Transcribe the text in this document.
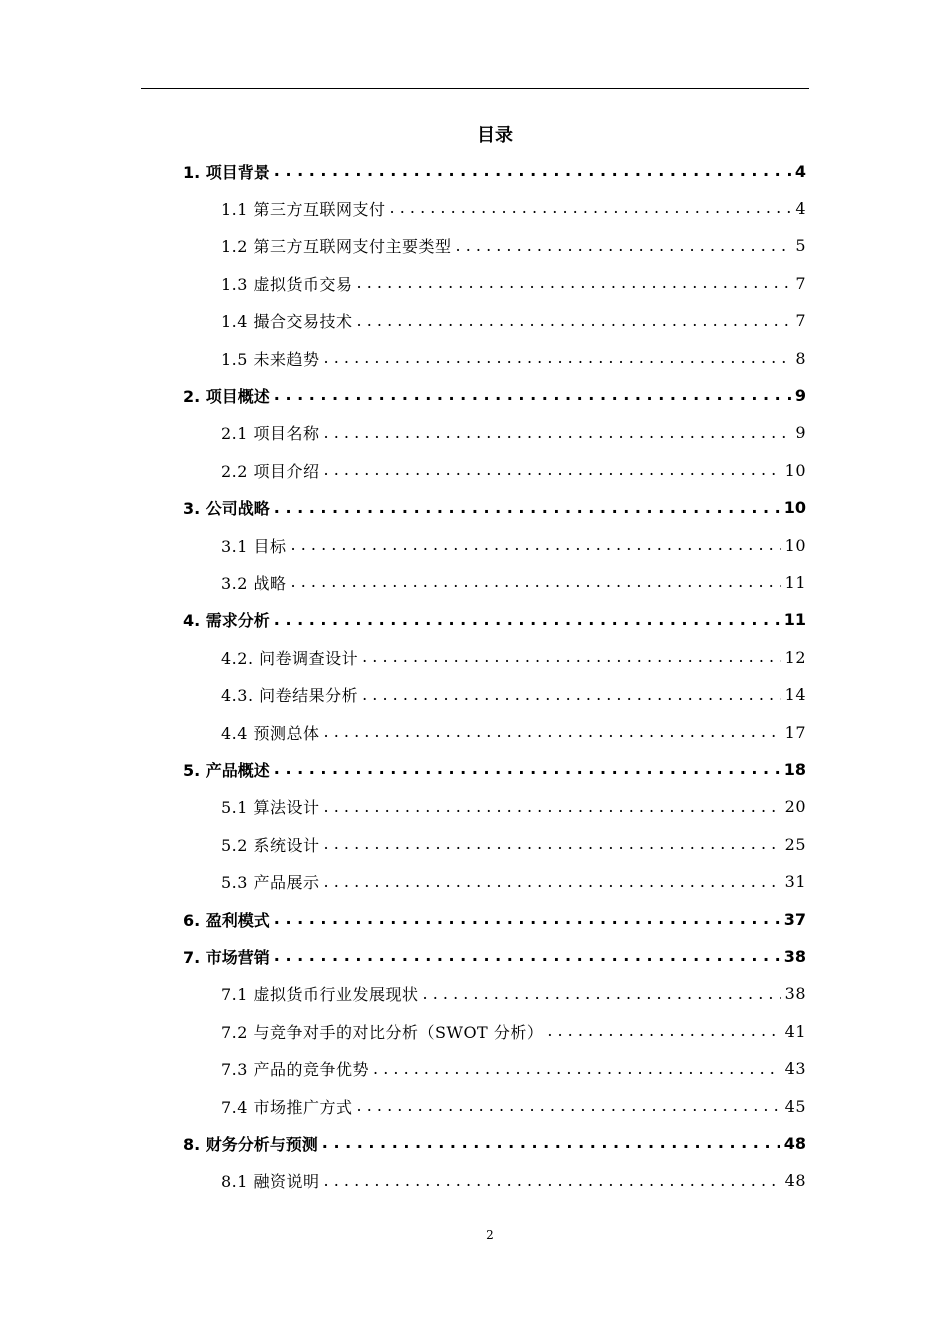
目录
1. 项目背景 . . .	4
1.1 第三方互联网支付 . . .	4
1.2 第三方互联网支付主要类型 . . .	5
1.3 虚拟货币交易 . . .	7
1.4 撮合交易技术 . . .	7
1.5 未来趋势 . . .	8
2. 项目概述 . . .	9
2.1 项目名称 . . .	9
2.2 项目介绍 . . .	10
3. 公司战略 . . .	10
3.1 目标 . . .	10
3.2 战略 . . .	11
4. 需求分析 . . .	11
4.2. 问卷调查设计 . . .	12
4.3. 问卷结果分析 . . .	14
4.4 预测总体 . . .	17
5. 产品概述 . . .	18
5.1 算法设计 . . .	20
5.2 系统设计 . . .	25
5.3 产品展示 . . .	31
6. 盈利模式 . . .	37
7. 市场营销 . . .	38
7.1 虚拟货币行业发展现状 . . .	38
7.2 与竞争对手的对比分析（SWOT 分析） . . .	41
7.3 产品的竞争优势 . . .	43
7.4 市场推广方式 . . .	45
8. 财务分析与预测 . . .	48
8.1 融资说明 . . .	48
2
